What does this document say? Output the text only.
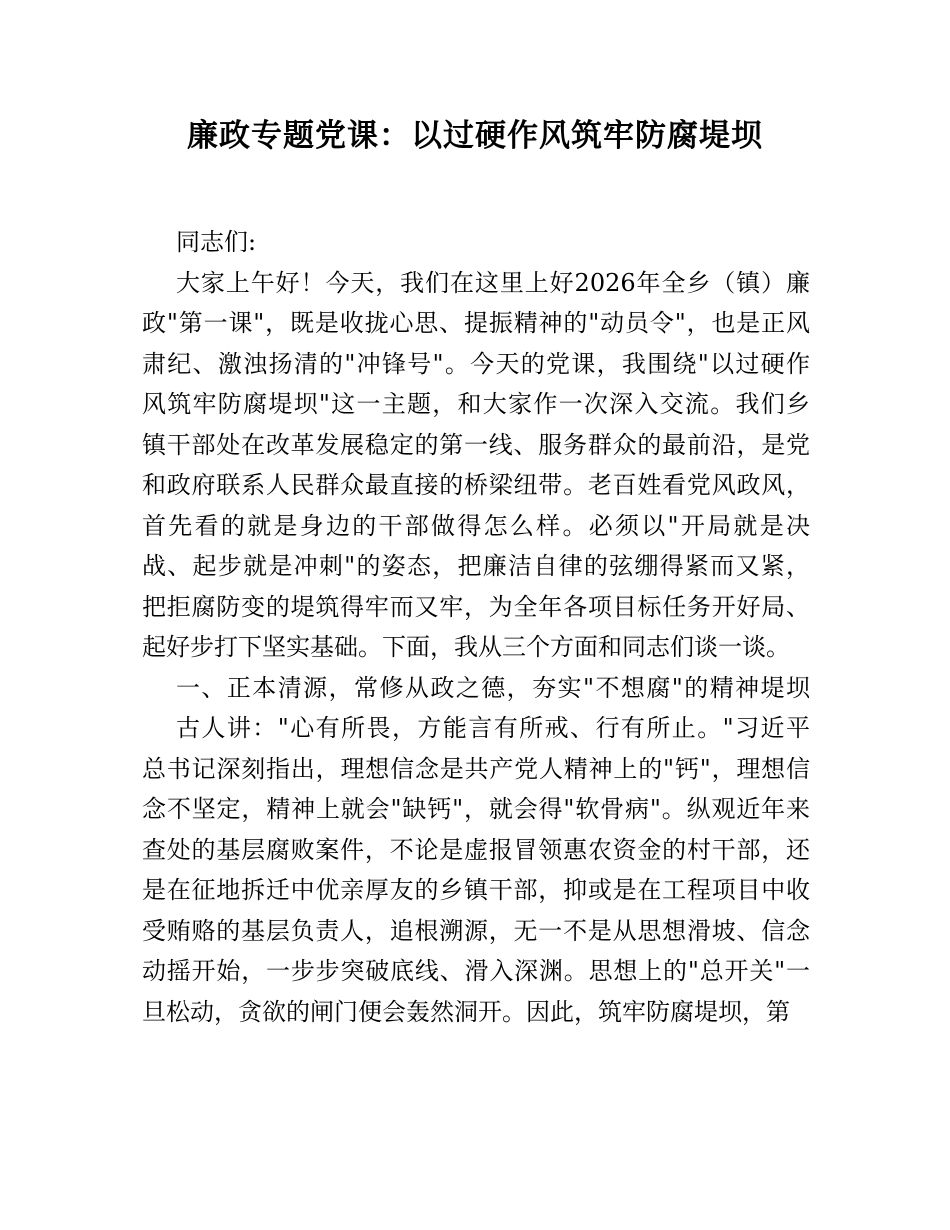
廉政专题党课：以过硬作风筑牢防腐堤坝
同志们:
大家上午好！今天，我们在这里上好2026年全乡（镇）廉
政"第一课"，既是收拢心思、提振精神的"动员令"，也是正风
肃纪、激浊扬清的"冲锋号"。今天的党课，我围绕"以过硬作
风筑牢防腐堤坝"这一主题，和大家作一次深入交流。我们乡
镇干部处在改革发展稳定的第一线、服务群众的最前沿，是党
和政府联系人民群众最直接的桥梁纽带。老百姓看党风政风，
首先看的就是身边的干部做得怎么样。必须以"开局就是决
战、起步就是冲刺"的姿态，把廉洁自律的弦绷得紧而又紧，
把拒腐防变的堤筑得牢而又牢，为全年各项目标任务开好局、
起好步打下坚实基础。下面，我从三个方面和同志们谈一谈。
一、正本清源，常修从政之德，夯实"不想腐"的精神堤坝
古人讲："心有所畏，方能言有所戒、行有所止。"习近平
总书记深刻指出，理想信念是共产党人精神上的"钙"，理想信
念不坚定，精神上就会"缺钙"，就会得"软骨病"。纵观近年来
查处的基层腐败案件，不论是虚报冒领惠农资金的村干部，还
是在征地拆迁中优亲厚友的乡镇干部，抑或是在工程项目中收
受贿赂的基层负责人，追根溯源，无一不是从思想滑坡、信念
动摇开始，一步步突破底线、滑入深渊。思想上的"总开关"一
旦松动，贪欲的闸门便会轰然洞开。因此，筑牢防腐堤坝，第
